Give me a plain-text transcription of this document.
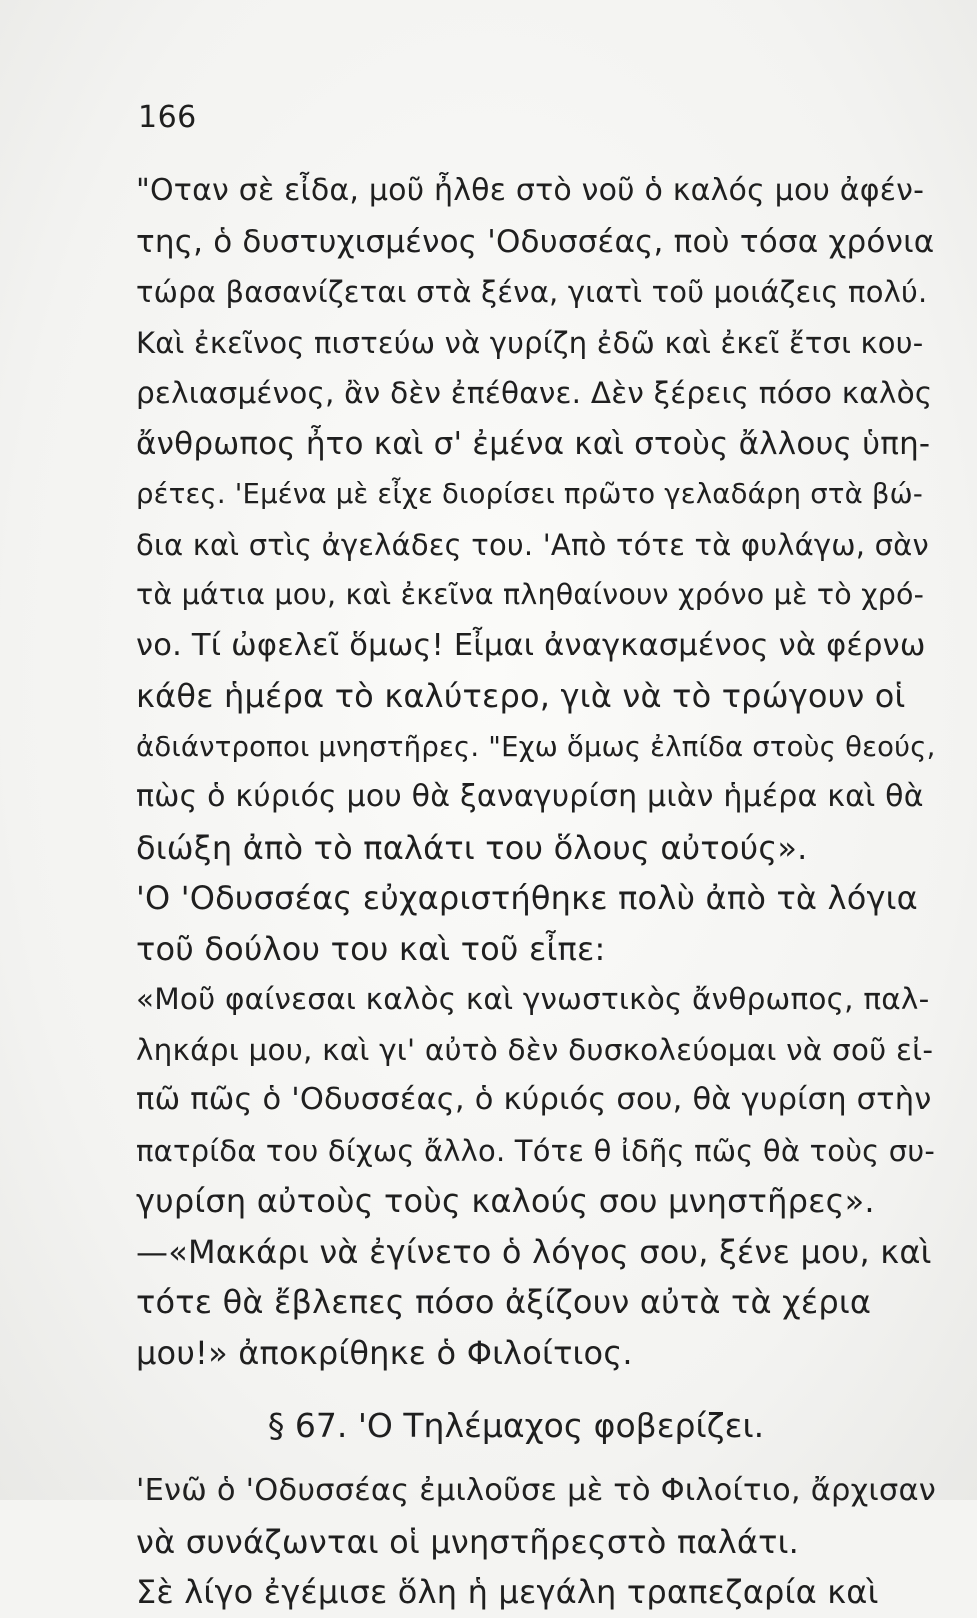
166
"Οταν σὲ εἶδα, μοῦ ἦλθε στὸ νοῦ ὁ καλός μου ἀφέν-
της, ὁ δυστυχισμένος 'Οδυσσέας, ποὺ τόσα χρόνια
τώρα βασανίζεται στὰ ξένα, γιατὶ τοῦ μοιάζεις πολύ.
Καὶ ἐκεῖνος πιστεύω νὰ γυρίζη ἐδῶ καὶ ἐκεῖ ἔτσι κου-
ρελιασμένος, ἂν δὲν ἐπέθανε. Δὲν ξέρεις πόσο καλὸς
ἄνθρωπος ἦτο καὶ σ' ἐμένα καὶ στοὺς ἄλλους ὑπη-
ρέτες. 'Εμένα μὲ εἶχε διορίσει πρῶτο γελαδάρη στὰ βώ-
δια καὶ στὶς ἀγελάδες του. 'Απὸ τότε τὰ φυλάγω, σὰν
τὰ μάτια μου, καὶ ἐκεῖνα πληθαίνουν χρόνο μὲ τὸ χρό-
νο. Τί ὠφελεῖ ὅμως! Εἶμαι ἀναγκασμένος νὰ φέρνω
κάθε ἡμέρα τὸ καλύτερο, γιὰ νὰ τὸ τρώγουν οἱ
ἀδιάντροποι μνηστῆρες. "Εχω ὅμως ἐλπίδα στοὺς θεούς,
πὼς ὁ κύριός μου θὰ ξαναγυρίση μιὰν ἡμέρα καὶ θὰ
διώξη ἀπὸ τὸ παλάτι του ὅλους αὐτούς».
'Ο 'Οδυσσέας εὐχαριστήθηκε πολὺ ἀπὸ τὰ λόγια
τοῦ δούλου του καὶ τοῦ εἶπε:
«Μοῦ φαίνεσαι καλὸς καὶ γνωστικὸς ἄνθρωπος, παλ-
ληκάρι μου, καὶ γι' αὐτὸ δὲν δυσκολεύομαι νὰ σοῦ εἰ-
πῶ πῶς ὁ 'Οδυσσέας, ὁ κύριός σου, θὰ γυρίση στὴν
πατρίδα του δίχως ἄλλο. Τότε θ ἰδῆς πῶς θὰ τοὺς συ-
γυρίση αὐτοὺς τοὺς καλούς σου μνηστῆρες».
—«Μακάρι νὰ ἐγίνετο ὁ λόγος σου, ξένε μου, καὶ
τότε θὰ ἔβλεπες πόσο ἀξίζουν αὐτὰ τὰ χέρια
μου!» ἀποκρίθηκε ὁ Φιλοίτιος.
§ 67. 'Ο Τηλέμαχος φοβερίζει.
'Ενῶ ὁ 'Οδυσσέας ἐμιλοῦσε μὲ τὸ Φιλοίτιο, ἄρχισαν
νὰ συνάζωνται οἱ μνηστῆρεςστὸ παλάτι.
Σὲ λίγο ἐγέμισε ὅλη ἡ μεγάλη τραπεζαρία καὶ
